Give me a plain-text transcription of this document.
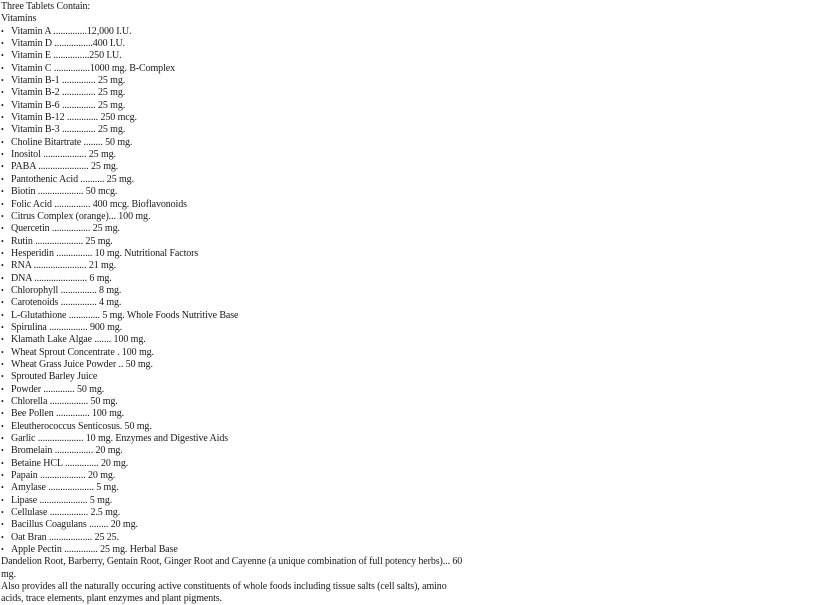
Three Tablets Contain:
Vitamins
• Vitamin A ..............12,000 I.U.
• Vitamin D ................400 I.U.
• Vitamin E ...............250 I.U.
• Vitamin C ...............1000 mg. B-Complex
• Vitamin B-1 .............. 25 mg.
• Vitamin B-2 .............. 25 mg.
• Vitamin B-6 .............. 25 mg.
• Vitamin B-12 ............. 250 mcg.
• Vitamin B-3 .............. 25 mg.
• Choline Bitartrate ........ 50 mg.
• Inositol .................. 25 mg.
• PABA ..................... 25 mg.
• Pantothenic Acid .......... 25 mg.
• Biotin ................... 50 mcg.
• Folic Acid ............... 400 mcg. Bioflavonoids
• Citrus Complex (orange)... 100 mg.
• Quercetin ................ 25 mg.
• Rutin .................... 25 mg.
• Hesperidin ............... 10 mg. Nutritional Factors
• RNA ...................... 21 mg.
• DNA ...................... 6 mg.
• Chlorophyll ............... 8 mg.
• Carotenoids ............... 4 mg.
• L-Glutathione ............. 5 mg. Whole Foods Nutritive Base
• Spirulina ................ 900 mg.
• Klamath Lake Algae ....... 100 mg.
• Wheat Sprout Concentrate . 100 mg.
• Wheat Grass Juice Powder .. 50 mg.
• Sprouted Barley Juice
• Powder ............. 50 mg.
• Chlorella ................ 50 mg.
• Bee Pollen .............. 100 mg.
• Eleutherococcus Senticosus. 50 mg.
• Garlic ................... 10 mg. Enzymes and Digestive Aids
• Bromelain ................ 20 mg.
• Betaine HCL .............. 20 mg.
• Papain ................... 20 mg.
• Amylase ................... 5 mg.
• Lipase .................... 5 mg.
• Cellulase ................ 2.5 mg.
• Bacillus Coagulans ........ 20 mg.
• Oat Bran .................. 25 25.
• Apple Pectin .............. 25 mg. Herbal Base
Dandelion Root, Barberry, Gentain Root, Ginger Root and Cayenne (a unique combination of full potency herbs)... 60 mg.
Also provides all the naturally occuring active constituents of whole foods including tissue salts (cell salts), amino acids, trace elements, plant enzymes and plant pigments.
